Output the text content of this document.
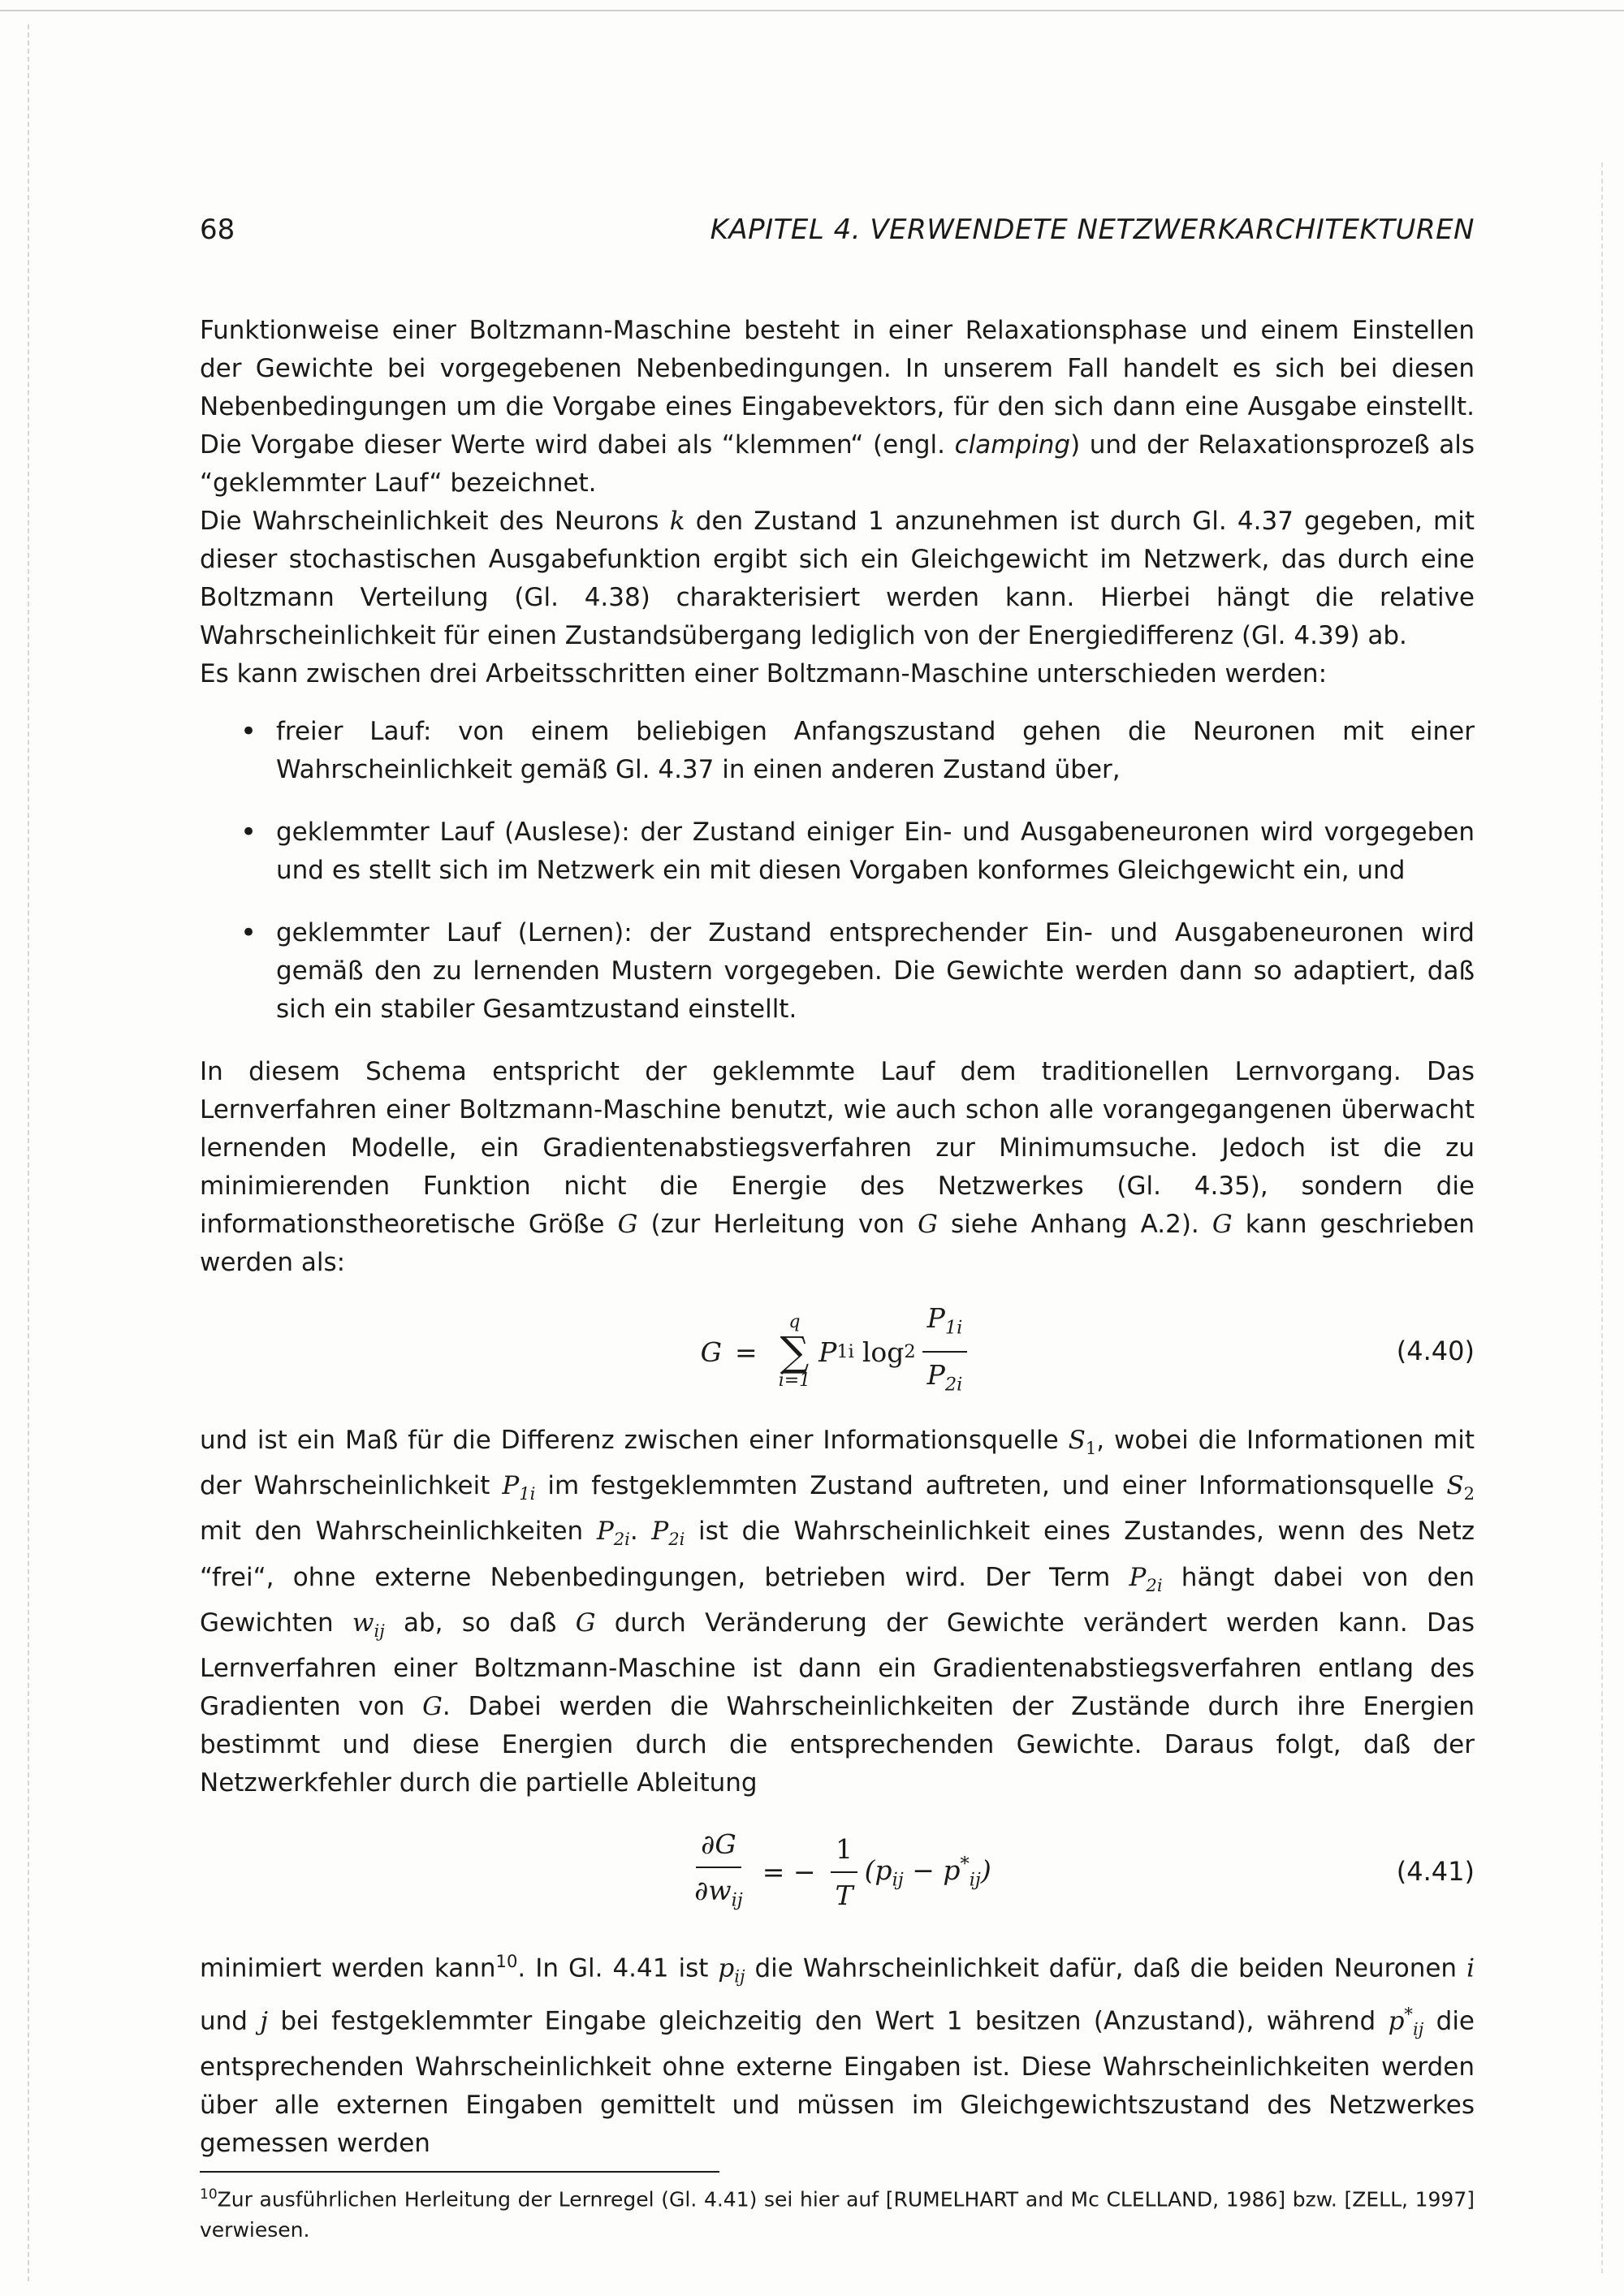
68	KAPITEL 4. VERWENDETE NETZWERKARCHITEKTUREN

Funktionweise einer Boltzmann-Maschine besteht in einer Relaxationsphase und einem Einstellen der Gewichte bei vorgegebenen Nebenbedingungen. In unserem Fall handelt es sich bei diesen Nebenbedingungen um die Vorgabe eines Eingabevektors, für den sich dann eine Ausgabe einstellt. Die Vorgabe dieser Werte wird dabei als “klemmen“ (engl. clamping) und der Relaxationsprozeß als “geklemmter Lauf“ bezeichnet.

Die Wahrscheinlichkeit des Neurons k den Zustand 1 anzunehmen ist durch Gl. 4.37 gegeben, mit dieser stochastischen Ausgabefunktion ergibt sich ein Gleichgewicht im Netzwerk, das durch eine Boltzmann Verteilung (Gl. 4.38) charakterisiert werden kann. Hierbei hängt die relative Wahrscheinlichkeit für einen Zustandsübergang lediglich von der Energiedifferenz (Gl. 4.39) ab.

Es kann zwischen drei Arbeitsschritten einer Boltzmann-Maschine unterschieden werden:

• freier Lauf: von einem beliebigen Anfangszustand gehen die Neuronen mit einer Wahrscheinlichkeit gemäß Gl. 4.37 in einen anderen Zustand über,
• geklemmter Lauf (Auslese): der Zustand einiger Ein- und Ausgabeneuronen wird vorgegeben und es stellt sich im Netzwerk ein mit diesen Vorgaben konformes Gleichgewicht ein, und
• geklemmter Lauf (Lernen): der Zustand entsprechender Ein- und Ausgabeneuronen wird gemäß den zu lernenden Mustern vorgegeben. Die Gewichte werden dann so adaptiert, daß sich ein stabiler Gesamtzustand einstellt.

In diesem Schema entspricht der geklemmte Lauf dem traditionellen Lernvorgang. Das Lernverfahren einer Boltzmann-Maschine benutzt, wie auch schon alle vorangegangenen überwacht lernenden Modelle, ein Gradientenabstiegsverfahren zur Minimumsuche. Jedoch ist die zu minimierenden Funktion nicht die Energie des Netzwerkes (Gl. 4.35), sondern die informationstheoretische Größe G (zur Herleitung von G siehe Anhang A.2). G kann geschrieben werden als:

G =
q
∑
i=1
P 1i $\log 2 \frac{P_{1i}}{P_{2i}}$	(4.40)

und ist ein Maß für die Differenz zwischen einer Informationsquelle $S_1$, wobei die Informationen mit der Wahrscheinlichkeit $P_{1i}$ im festgeklemmten Zustand auftreten, und einer Informationsquelle $S_2$ mit den Wahrscheinlichkeiten $P_{2i}$. $P_{2i}$ ist die Wahrscheinlichkeit eines Zustandes, wenn des Netz “frei“, ohne externe Nebenbedingungen, betrieben wird. Der Term $P_{2i}$ hängt dabei von den Gewichten $w_{ij}$ ab, so daß G durch Veränderung der Gewichte verändert werden kann. Das Lernverfahren einer Boltzmann-Maschine ist dann ein Gradientenabstiegsverfahren entlang des Gradienten von G. Dabei werden die Wahrscheinlichkeiten der Zustände durch ihre Energien bestimmt und diese Energien durch die entsprechenden Gewichte. Daraus folgt, daß der Netzwerkfehler durch die partielle Ableitung

$\frac{\partial G}{\partial w_{ij}}$ = − $\frac{1}{T} (p_{ij} - p^*_{ij})$	(4.41)

minimiert werden kann$^{10}$. In Gl. 4.41 ist $p_{ij}$ die Wahrscheinlichkeit dafür, daß die beiden Neuronen i und j bei festgeklemmter Eingabe gleichzeitig den Wert 1 besitzen (Anzustand), während $p^*_{ij}$ die entsprechenden Wahrscheinlichkeit ohne externe Eingaben ist. Diese Wahrscheinlichkeiten werden über alle externen Eingaben gemittelt und müssen im Gleichgewichtszustand des Netzwerkes gemessen werden

$^{10}$Zur ausführlichen Herleitung der Lernregel (Gl. 4.41) sei hier auf [RUMELHART and Mc CLELLAND, 1986] bzw. [ZELL, 1997] verwiesen.
